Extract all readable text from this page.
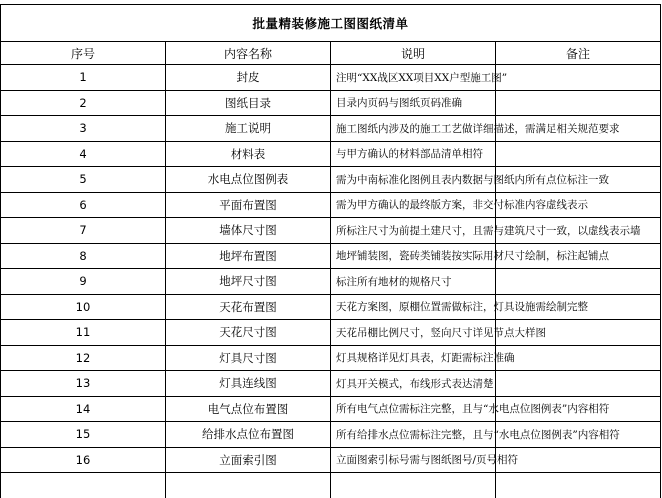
批量精装修施工图图纸清单			
序号	内容名称	说明	备注
1	封皮	注明“XX战区XX项目XX户型施工图”	
2	图纸目录	目录内页码与图纸页码准确	
3	施工说明	施工图纸内涉及的施工工艺做详细描述，需满足相关规范要求	
4	材料表	与甲方确认的材料部品清单相符	
5	水电点位图例表	需为中南标准化图例且表内数据与图纸内所有点位标注一致	
6	平面布置图	需为甲方确认的最终版方案，非交付标准内容虚线表示	
7	墙体尺寸图	所标注尺寸为前提土建尺寸，且需与建筑尺寸一致，以虚线表示墙	
8	地坪布置图	地坪铺装图，瓷砖类铺装按实际用材尺寸绘制，标注起铺点	
9	地坪尺寸图	标注所有地材的规格尺寸	
10	天花布置图	天花方案图，原棚位置需做标注，灯具设施需绘制完整	
11	天花尺寸图	天花吊棚比例尺寸，竖向尺寸详见节点大样图	
12	灯具尺寸图	灯具规格详见灯具表，灯距需标注准确	
13	灯具连线图	灯具开关模式，布线形式表达清楚	
14	电气点位布置图	所有电气点位需标注完整，且与“水电点位图例表”内容相符	
15	给排水点位布置图	所有给排水点位需标注完整，且与“水电点位图例表”内容相符	
16	立面索引图	立面图索引标号需与图纸图号/页号相符	
